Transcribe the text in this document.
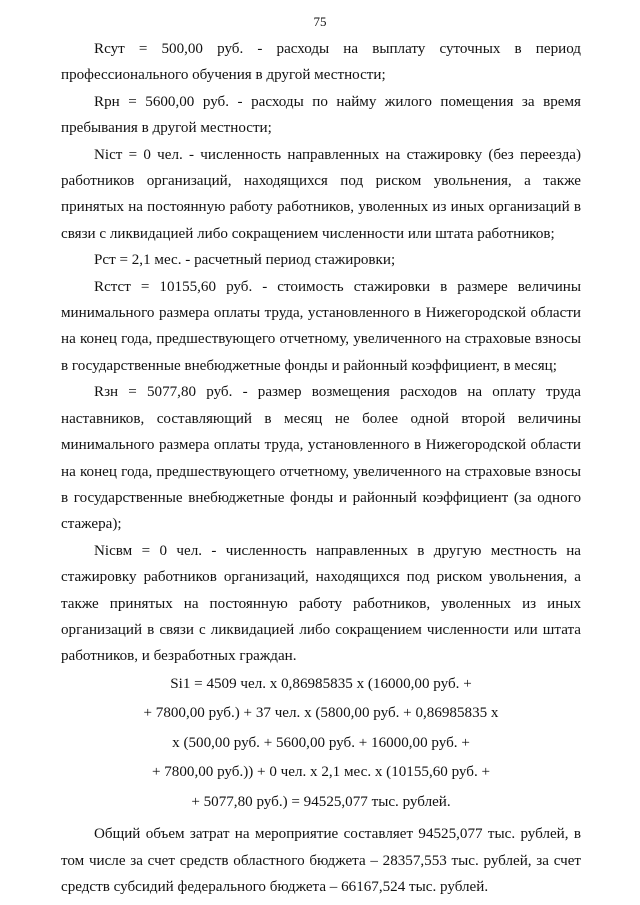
75

Rсут = 500,00 руб. - расходы на выплату суточных в период профессионального обучения в другой местности;

Rрн = 5600,00 руб. - расходы по найму жилого помещения за время пребывания в другой местности;

Niст = 0 чел. - численность направленных на стажировку (без переезда) работников организаций, находящихся под риском увольнения, а также принятых на постоянную работу работников, уволенных из иных организаций в связи с ликвидацией либо сокращением численности или штата работников;

Рст = 2,1 мес. - расчетный период стажировки;

Rстст = 10155,60 руб. - стоимость стажировки в размере величины минимального размера оплаты труда, установленного в Нижегородской области на конец года, предшествующего отчетному, увеличенного на страховые взносы в государственные внебюджетные фонды и районный коэффициент, в месяц;

Rзн = 5077,80 руб. - размер возмещения расходов на оплату труда наставников, составляющий в месяц не более одной второй величины минимального размера оплаты труда, установленного в Нижегородской области на конец года, предшествующего отчетному, увеличенного на страховые взносы в государственные внебюджетные фонды и районный коэффициент (за одного стажера);

Niсвм = 0 чел. - численность направленных в другую местность на стажировку работников организаций, находящихся под риском увольнения, а также принятых на постоянную работу работников, уволенных из иных организаций в связи с ликвидацией либо сокращением численности или штата работников, и безработных граждан.

Si1 = 4509 чел. х 0,86985835 х (16000,00 руб. +
+ 7800,00 руб.) + 37 чел. х (5800,00 руб. + 0,86985835 х
х (500,00 руб. + 5600,00 руб. + 16000,00 руб. +
+ 7800,00 руб.)) + 0 чел. х 2,1 мес. х (10155,60 руб. +
+ 5077,80 руб.) = 94525,077 тыс. рублей.

Общий объем затрат на мероприятие составляет 94525,077 тыс. рублей, в том числе за счет средств областного бюджета – 28357,553 тыс. рублей, за счет средств субсидий федерального бюджета – 66167,524 тыс. рублей.
